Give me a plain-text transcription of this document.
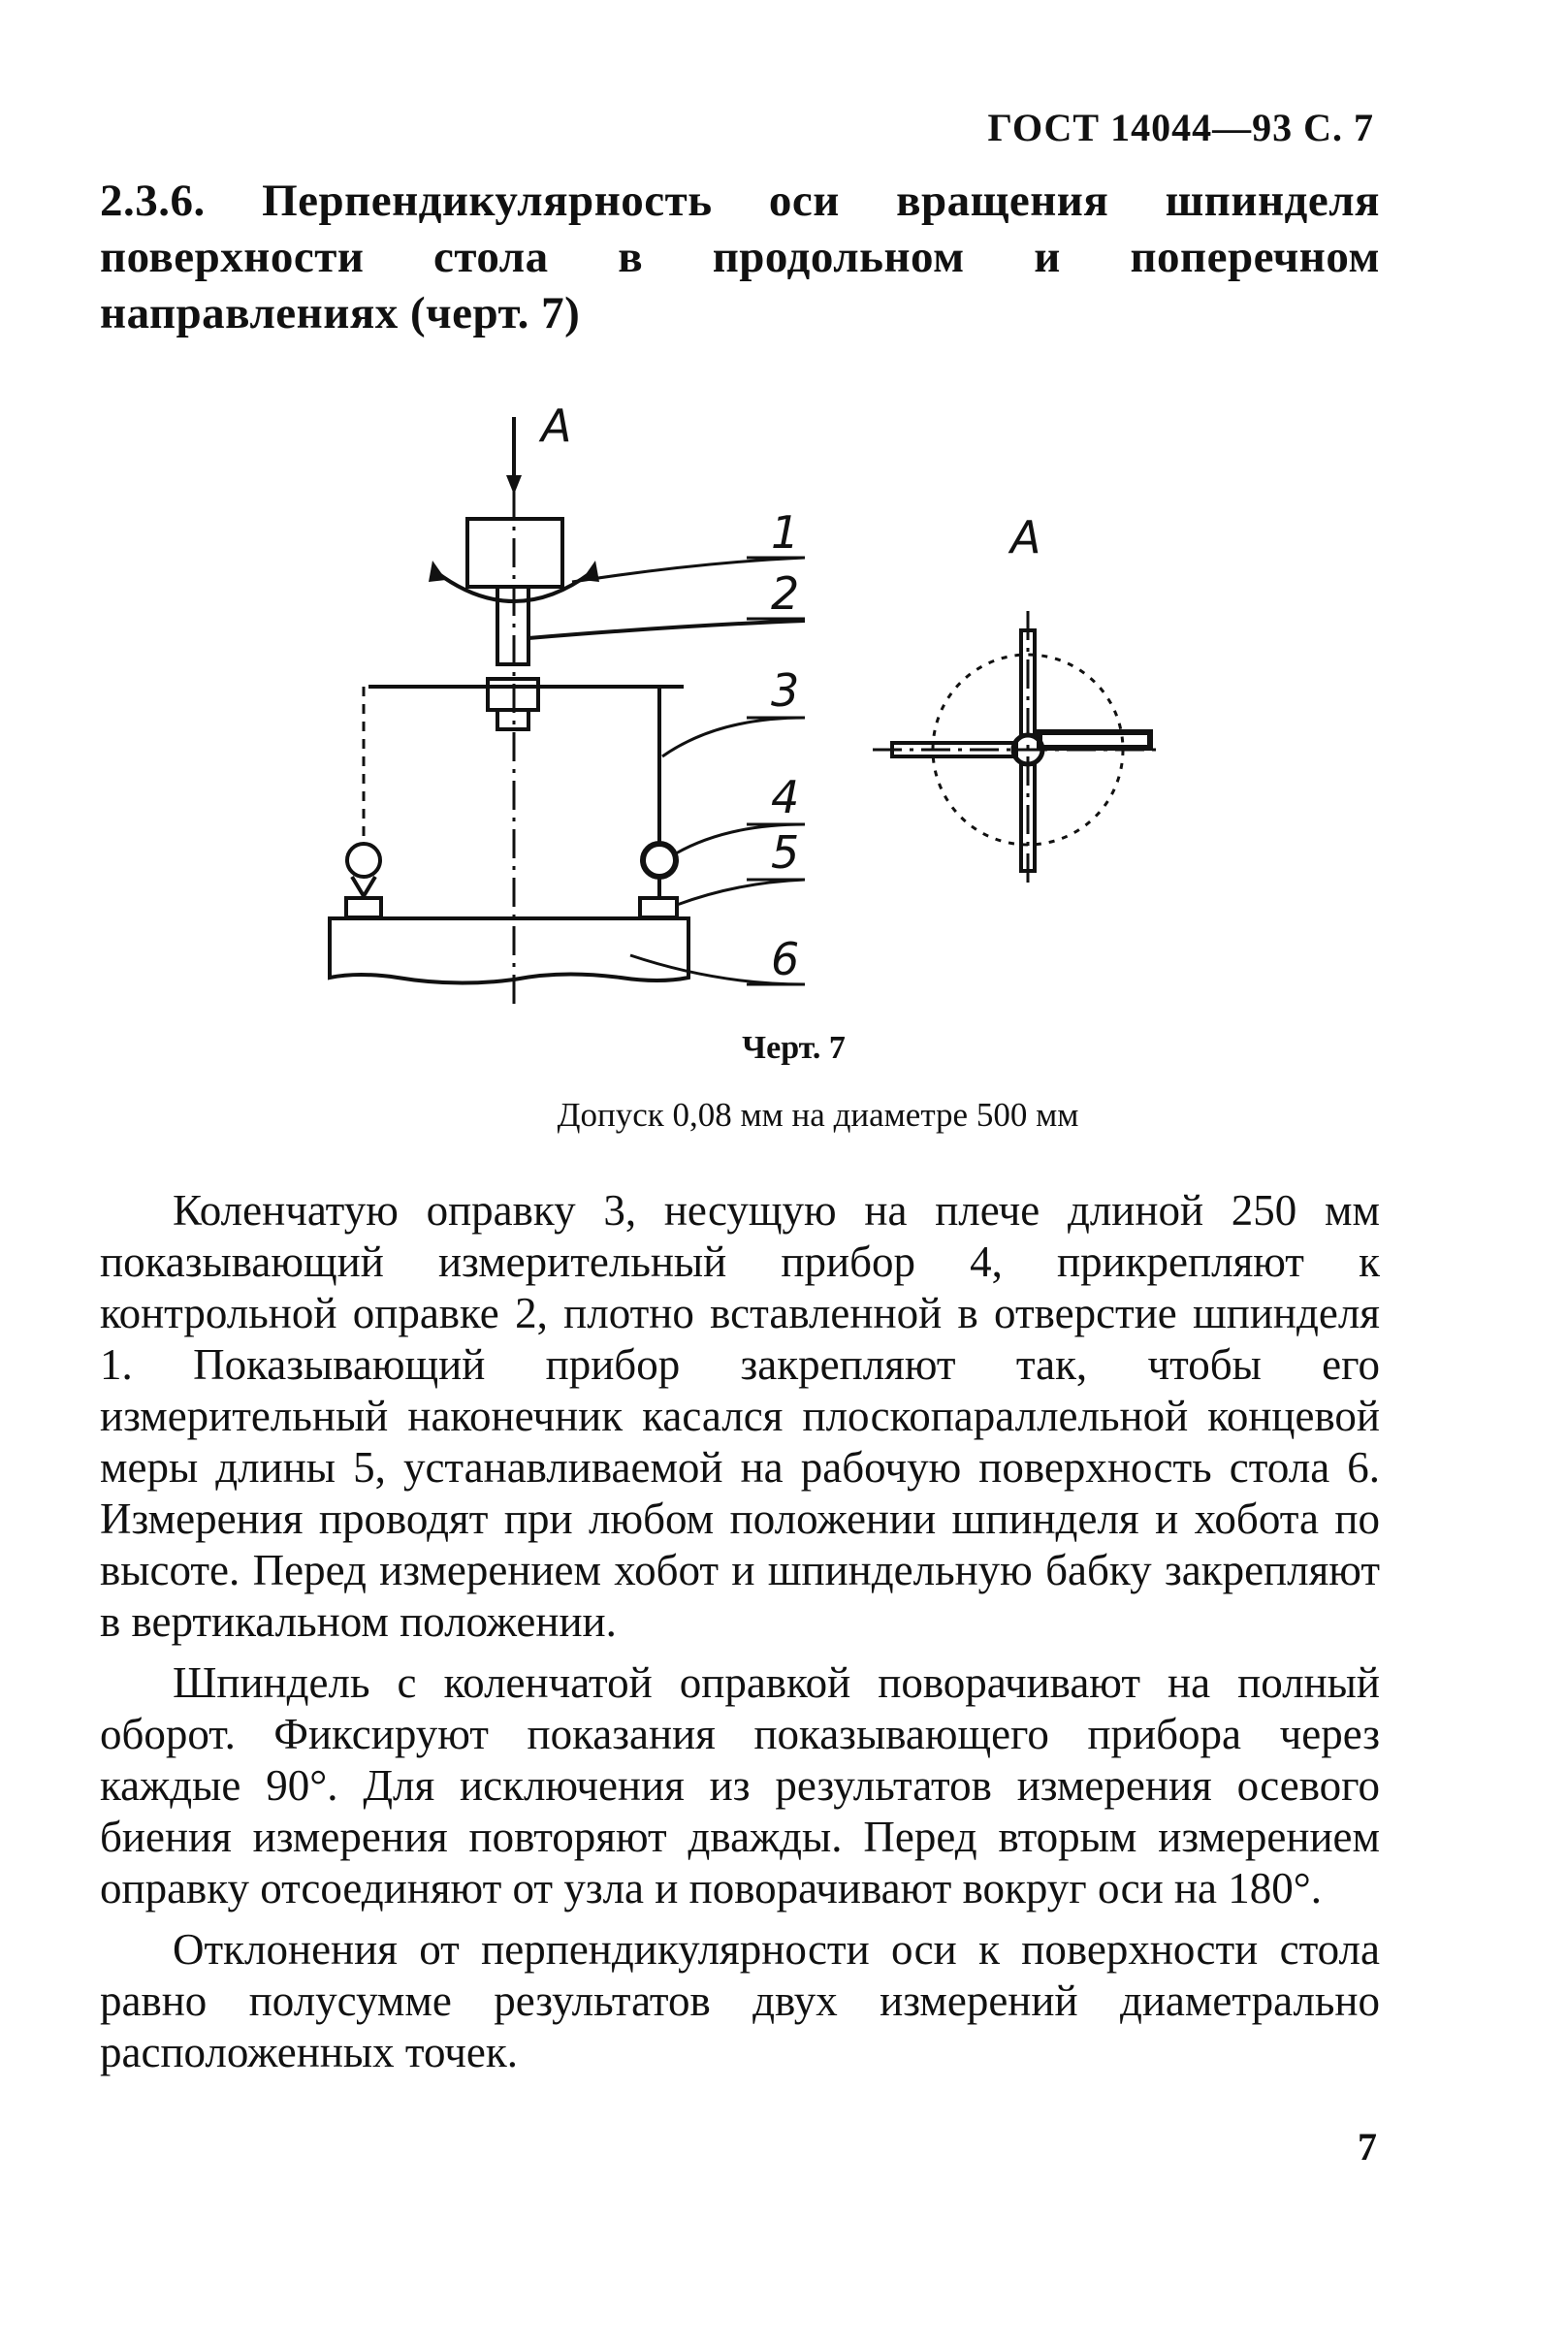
ГОСТ 14044—93 С. 7
2.3.6. Перпендикулярность оси вращения шпинделя поверхности стола в продольном и поперечном направлениях (черт. 7)
A
A
1
2
3
4
5
6
Черт. 7
Допуск 0,08 мм на диаметре 500 мм

Коленчатую оправку 3, несущую на плече длиной 250 мм показывающий измерительный прибор 4, прикрепляют к контрольной оправке 2, плотно вставленной в отверстие шпинделя 1. Показывающий прибор закрепляют так, чтобы его измерительный наконечник касался плоскопараллельной концевой меры длины 5, устанавливаемой на рабочую поверхность стола 6. Измерения проводят при любом положении шпинделя и хобота по высоте. Перед измерением хобот и шпиндельную бабку закрепляют в вертикальном положении.

Шпиндель с коленчатой оправкой поворачивают на полный оборот. Фиксируют показания показывающего прибора через каждые 90°. Для исключения из результатов измерения осевого биения измерения повторяют дважды. Перед вторым измерением оправку отсоединяют от узла и поворачивают вокруг оси на 180°.

Отклонения от перпендикулярности оси к поверхности стола равно полусумме результатов двух измерений диаметрально расположенных точек.

7
